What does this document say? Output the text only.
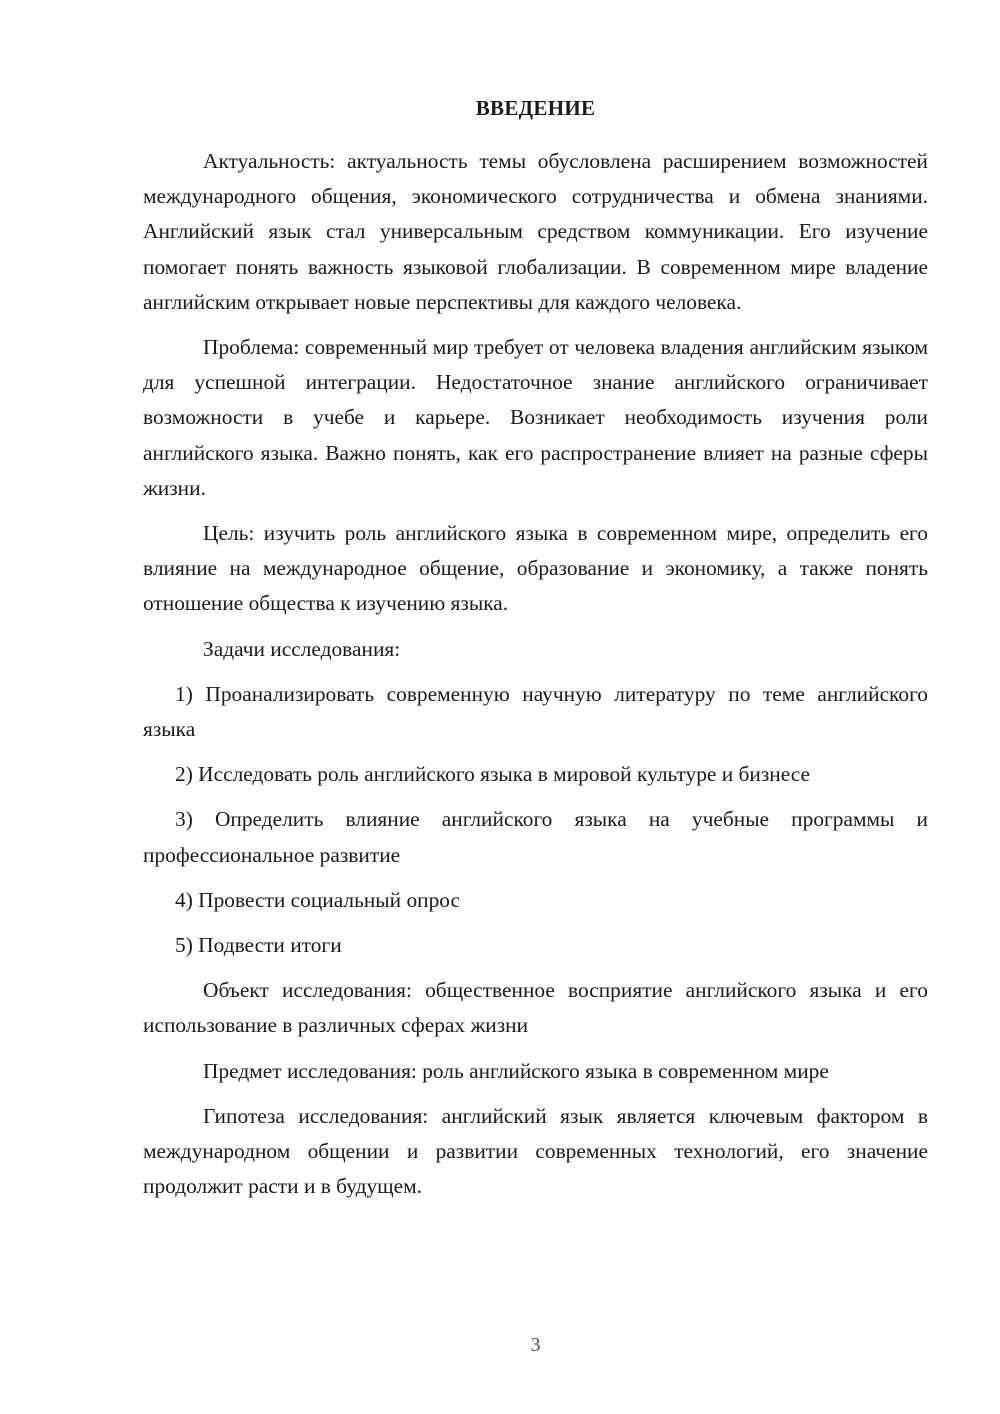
ВВЕДЕНИЕ

Актуальность: актуальность темы обусловлена расширением возможностей международного общения, экономического сотрудничества и обмена знаниями. Английский язык стал универсальным средством коммуникации. Его изучение помогает понять важность языковой глобализации. В современном мире владение английским открывает новые перспективы для каждого человека.

Проблема: современный мир требует от человека владения английским языком для успешной интеграции. Недостаточное знание английского ограничивает возможности в учебе и карьере. Возникает необходимость изучения роли английского языка. Важно понять, как его распространение влияет на разные сферы жизни.

Цель: изучить роль английского языка в современном мире, определить его влияние на международное общение, образование и экономику, а также понять отношение общества к изучению языка.

Задачи исследования:

1) Проанализировать современную научную литературу по теме английского языка

2) Исследовать роль английского языка в мировой культуре и бизнесе

3) Определить влияние английского языка на учебные программы и профессиональное развитие

4) Провести социальный опрос

5) Подвести итоги

Объект исследования: общественное восприятие английского языка и его использование в различных сферах жизни

Предмет исследования: роль английского языка в современном мире

Гипотеза исследования: английский язык является ключевым фактором в международном общении и развитии современных технологий, его значение продолжит расти и в будущем.

3
